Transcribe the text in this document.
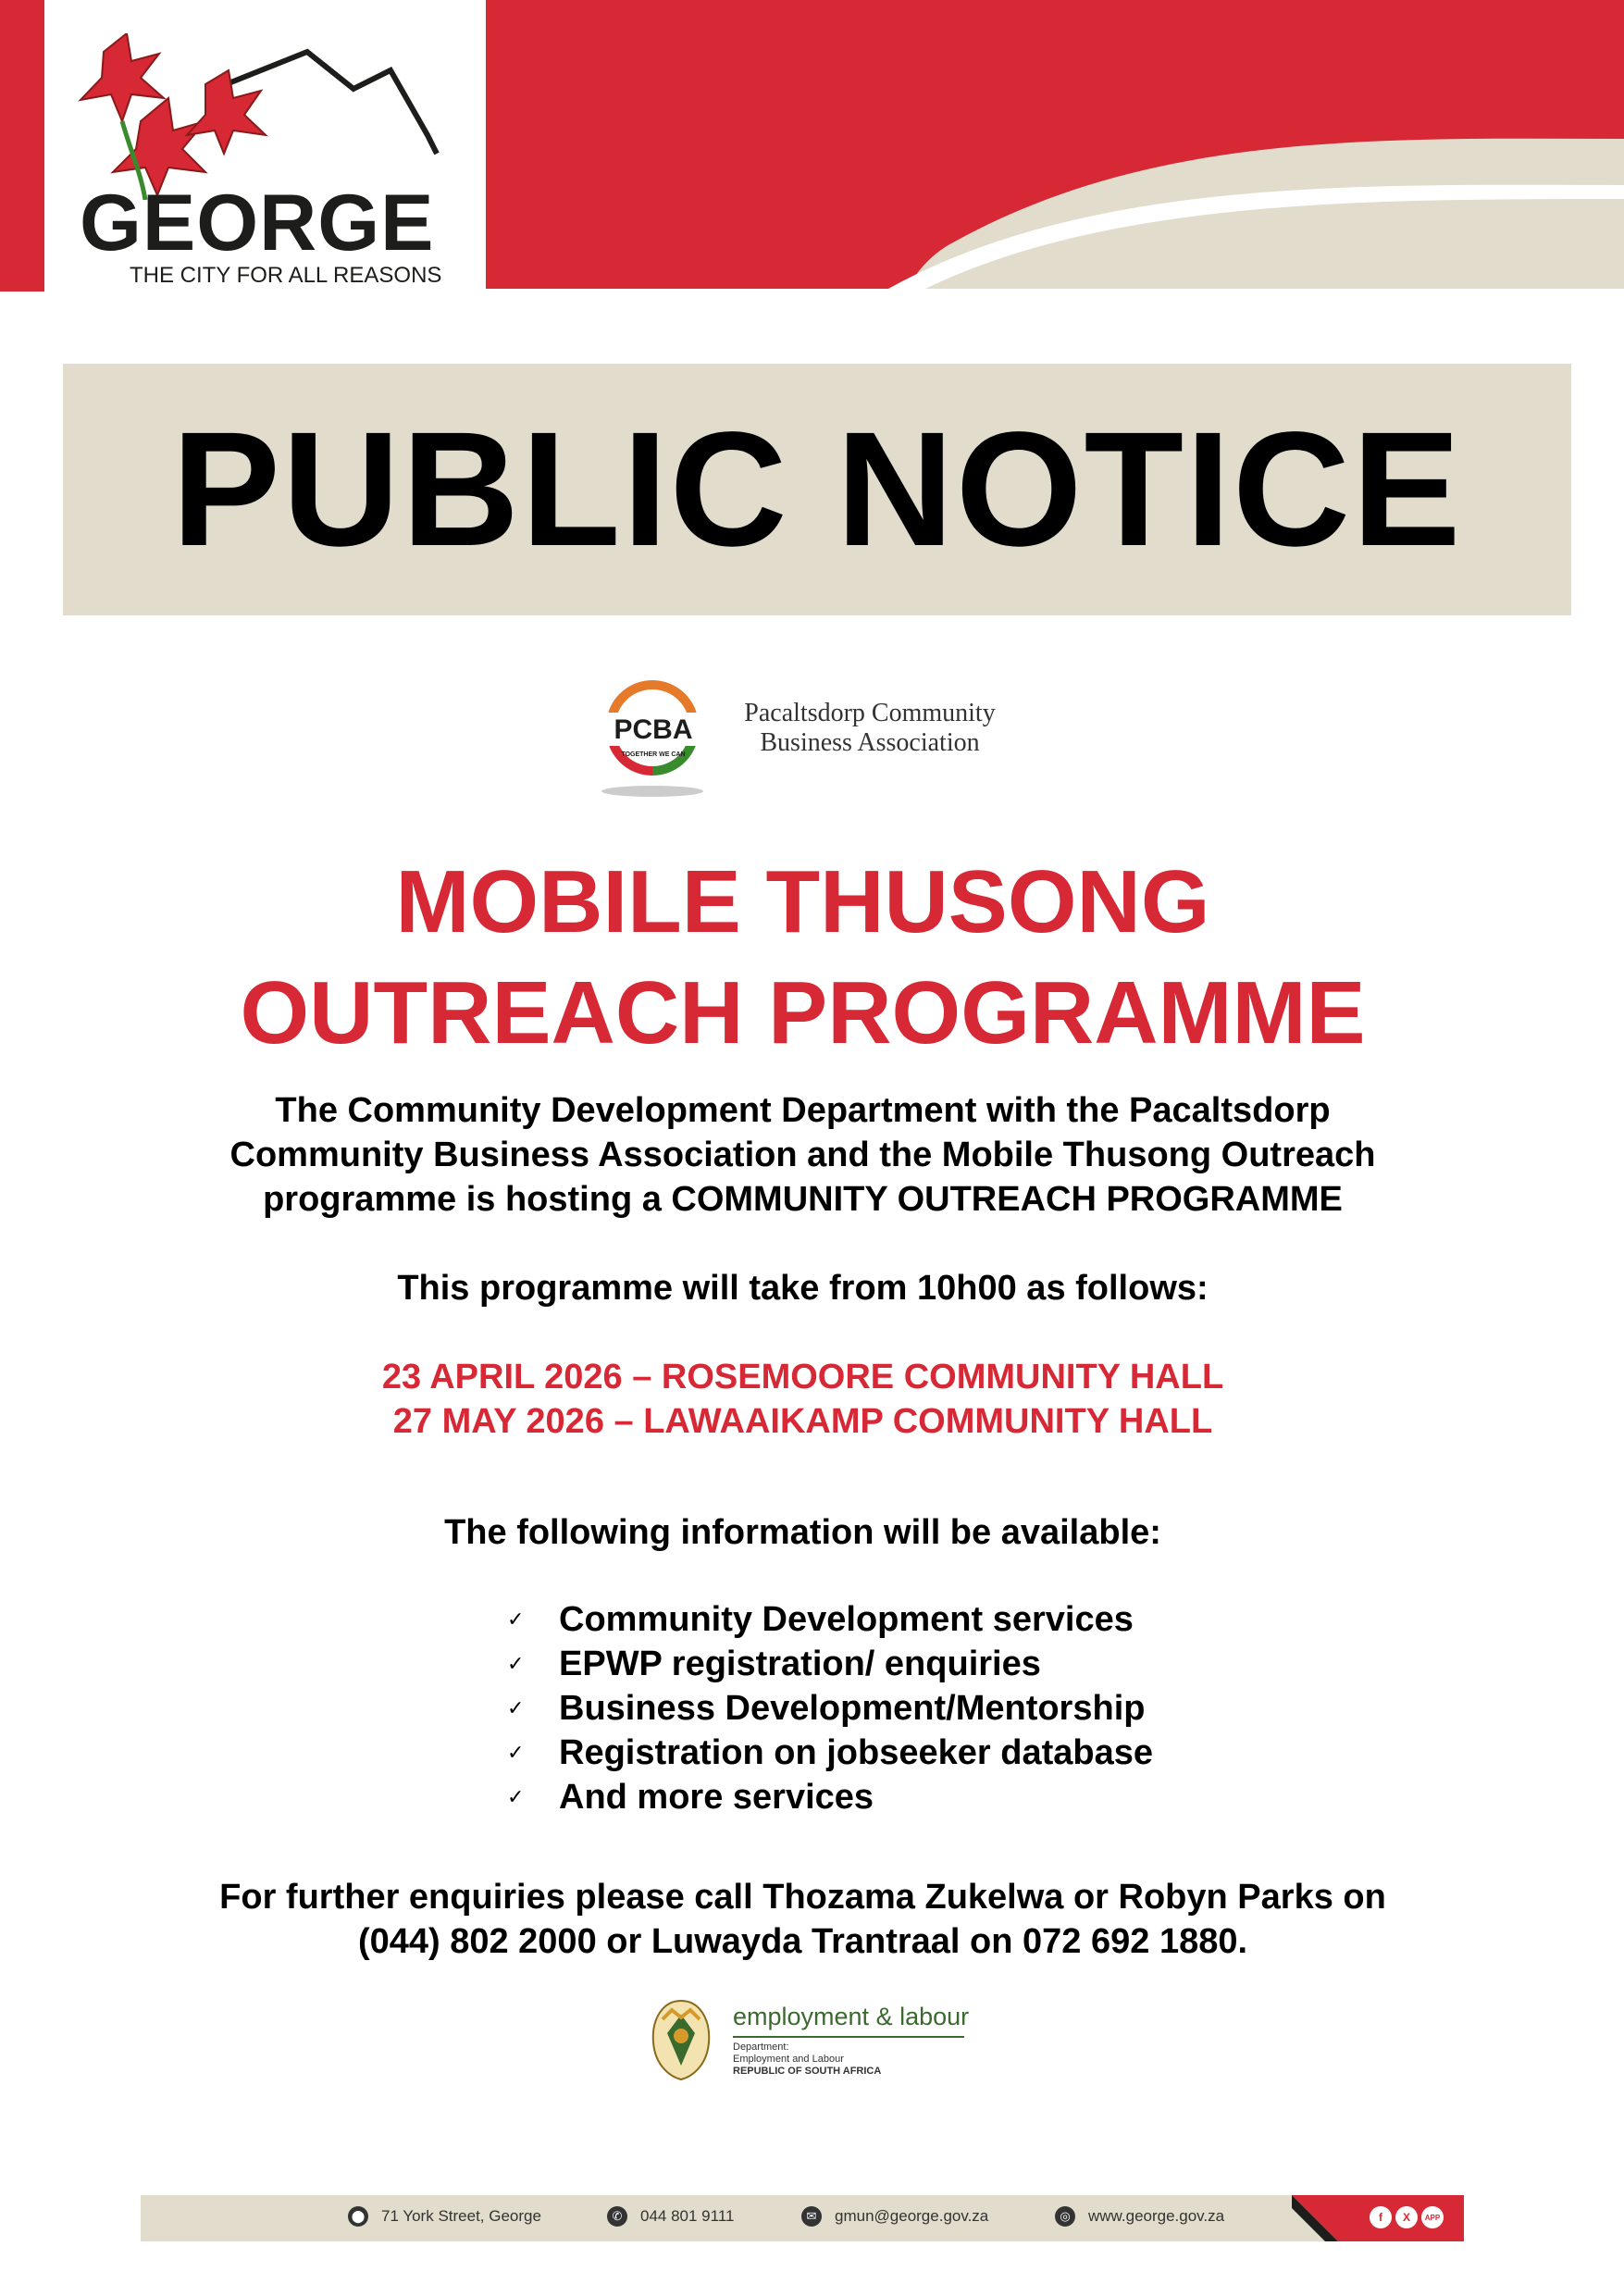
GEORGE
THE CITY FOR ALL REASONS
PUBLIC NOTICE
PCBA
TOGETHER WE CAN
Pacaltsdorp Community
Business Association
MOBILE THUSONG
OUTREACH PROGRAMME
The Community Development Department with the Pacaltsdorp
Community Business Association and the Mobile Thusong Outreach
programme is hosting a COMMUNITY OUTREACH PROGRAMME
This programme will take from 10h00 as follows:
23 APRIL 2026 – ROSEMOORE COMMUNITY HALL
27 MAY 2026 – LAWAAIKAMP COMMUNITY HALL
The following information will be available:
✓ Community Development services
✓ EPWP registration/ enquiries
✓ Business Development/Mentorship
✓ Registration on jobseeker database
✓ And more services
For further enquiries please call Thozama Zukelwa or Robyn Parks on
(044) 802 2000 or Luwayda Trantraal on 072 692 1880.
employment & labour
Department:
Employment and Labour
REPUBLIC OF SOUTH AFRICA
⬤ 71 York Street, George	✆	044 801 9111	✉	gmun@george.gov.za	◎	www.george.gov.za	f	X	APP
